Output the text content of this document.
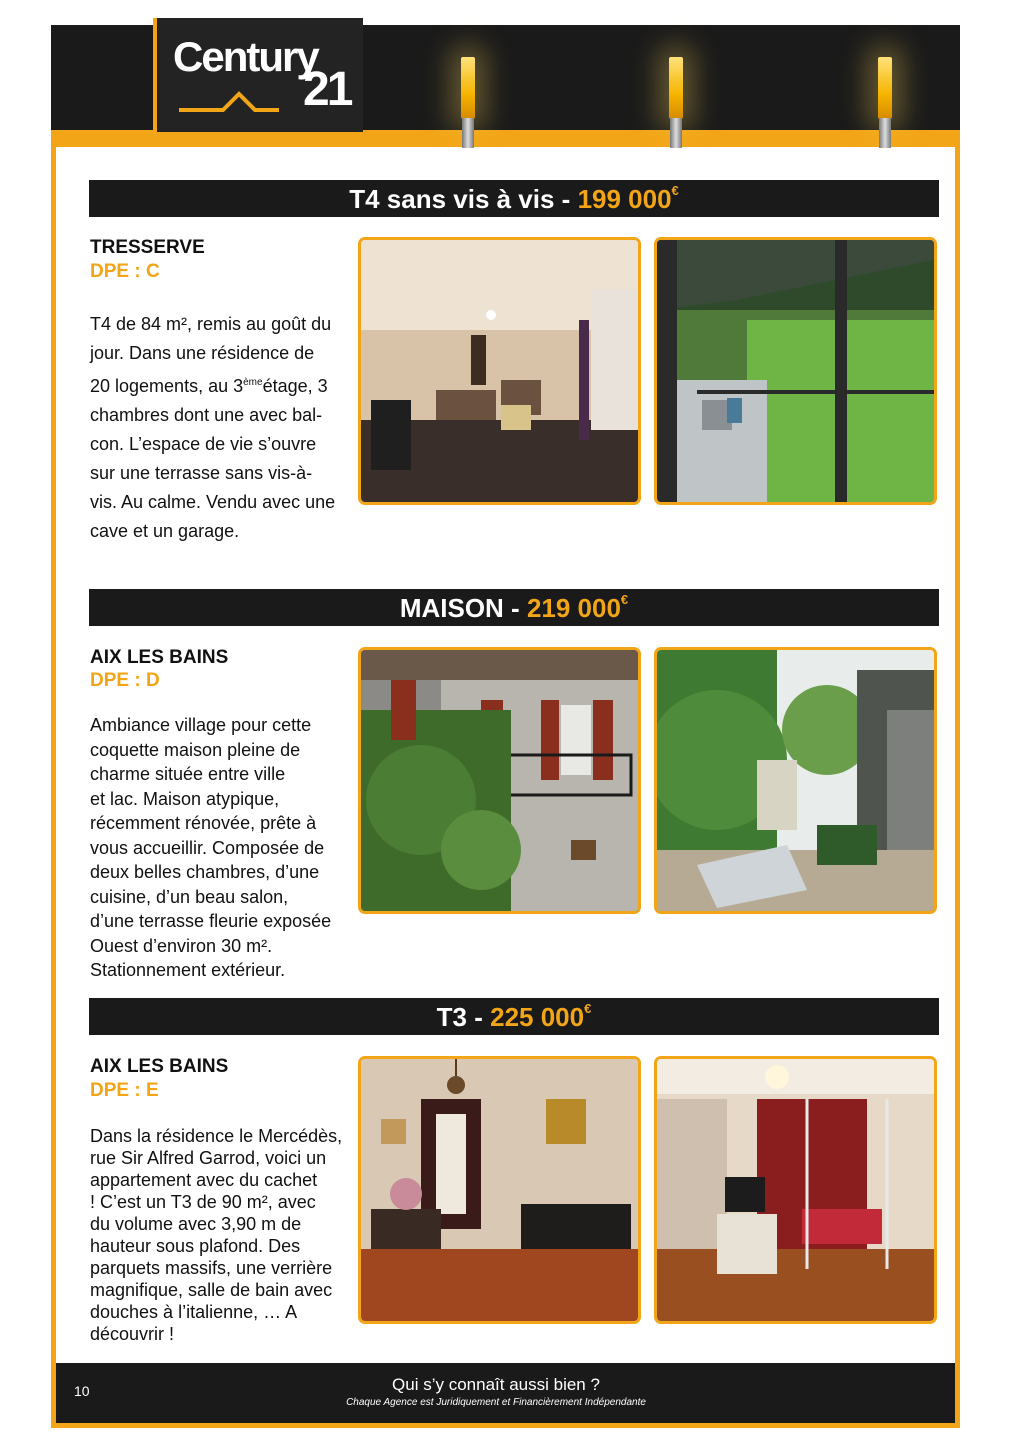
Century
21
T4 sans vis à vis - 199 000€
TRESSERVE
DPE : C
T4 de 84 m², remis au goût du
jour. Dans une résidence de
20 logements, au 3èmeétage, 3
chambres dont une avec bal-
con. L’espace de vie s’ouvre
sur une terrasse sans vis-à-
vis. Au calme. Vendu avec une
cave et un garage.
MAISON - 219 000€
AIX LES BAINS
DPE : D
Ambiance village pour cette
coquette maison pleine de
charme située entre ville
et lac. Maison atypique,
récemment rénovée, prête à
vous accueillir. Composée de
deux belles chambres, d’une
cuisine, d’un beau salon,
d’une terrasse fleurie exposée
Ouest d’environ 30 m².
Stationnement extérieur.
T3 - 225 000€
AIX LES BAINS
DPE : E
Dans la résidence le Mercédès,
rue Sir Alfred Garrod, voici un
appartement avec du cachet
! C’est un T3 de 90 m², avec
du volume avec 3,90 m de
hauteur sous plafond. Des
parquets massifs, une verrière
magnifique, salle de bain avec
douches à l’italienne, … A
découvrir !
10	Qui s’y connaît aussi bien ?
Chaque Agence est Juridiquement et Financièrement Indépendante
